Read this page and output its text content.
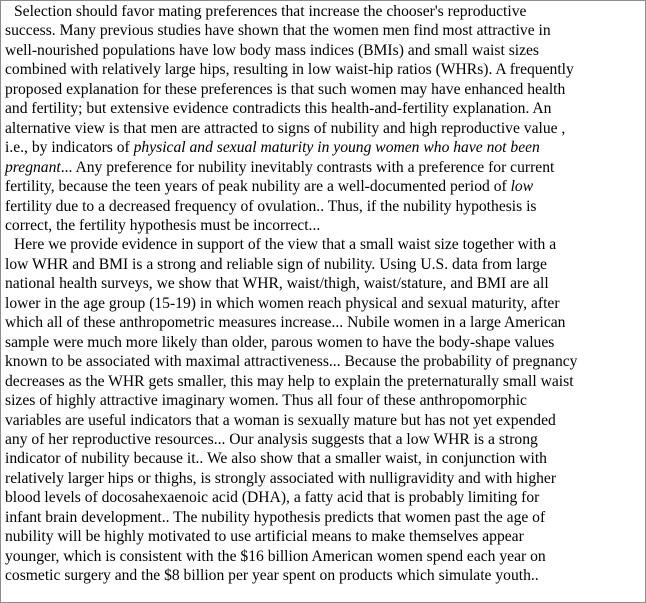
Selection should favor mating preferences that increase the chooser's reproductive
success. Many previous studies have shown that the women men find most attractive in
well-nourished populations have low body mass indices (BMIs) and small waist sizes
combined with relatively large hips, resulting in low waist-hip ratios (WHRs). A frequently
proposed explanation for these preferences is that such women may have enhanced health
and fertility; but extensive evidence contradicts this health-and-fertility explanation. An
alternative view is that men are attracted to signs of nubility and high reproductive value ,
i.e., by indicators of physical and sexual maturity in young women who have not been
pregnant... Any preference for nubility inevitably contrasts with a preference for current
fertility, because the teen years of peak nubility are a well-documented period of low
fertility due to a decreased frequency of ovulation.. Thus, if the nubility hypothesis is
correct, the fertility hypothesis must be incorrect...
Here we provide evidence in support of the view that a small waist size together with a
low WHR and BMI is a strong and reliable sign of nubility. Using U.S. data from large
national health surveys, we show that WHR, waist/thigh, waist/stature, and BMI are all
lower in the age group (15-19) in which women reach physical and sexual maturity, after
which all of these anthropometric measures increase... Nubile women in a large American
sample were much more likely than older, parous women to have the body-shape values
known to be associated with maximal attractiveness... Because the probability of pregnancy
decreases as the WHR gets smaller, this may help to explain the preternaturally small waist
sizes of highly attractive imaginary women. Thus all four of these anthropomorphic
variables are useful indicators that a woman is sexually mature but has not yet expended
any of her reproductive resources... Our analysis suggests that a low WHR is a strong
indicator of nubility because it.. We also show that a smaller waist, in conjunction with
relatively larger hips or thighs, is strongly associated with nulligravidity and with higher
blood levels of docosahexaenoic acid (DHA), a fatty acid that is probably limiting for
infant brain development.. The nubility hypothesis predicts that women past the age of
nubility will be highly motivated to use artificial means to make themselves appear
younger, which is consistent with the $16 billion American women spend each year on
cosmetic surgery and the $8 billion per year spent on products which simulate youth..
